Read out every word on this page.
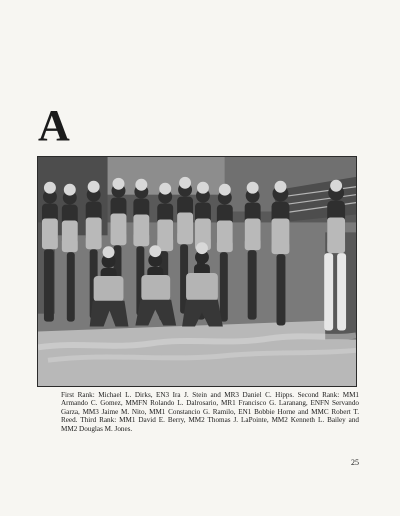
A
First Rank: Michael L. Dirks, EN3 Ira J. Stein and MR3 Daniel C. Hipps. Second Rank: MM1 Armando C. Gomez, MMFN Rolando L. Dalrosario, MR1 Francisco G. Laranang, ENFN Servando Garza, MM3 Jaime M. Nito, MM1 Constancio G. Ramilo, EN1 Bobbie Horne and MMC Robert T. Reed. Third Rank: MM1 David E. Berry, MM2 Thomas J. LaPointe, MM2 Kenneth L. Bailey and MM2 Douglas M. Jones.
25
